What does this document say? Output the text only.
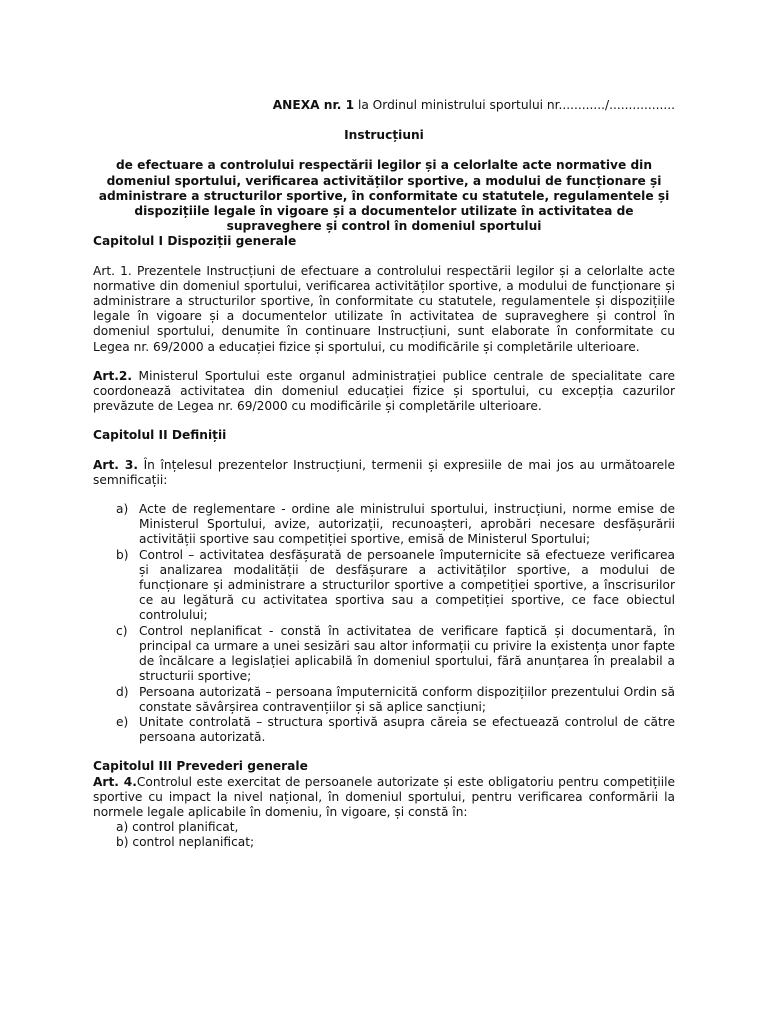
ANEXA nr. 1 la Ordinul ministrului sportului nr............/.................

Instrucțiuni

de efectuare a controlului respectării legilor și a celorlalte acte normative din domeniul sportului, verificarea activităților sportive, a modului de funcționare și administrare a structurilor sportive, în conformitate cu statutele, regulamentele și dispozițiile legale în vigoare și a documentelor utilizate în activitatea de supraveghere și control în domeniul sportului

Capitolul I Dispoziții generale

Art. 1. Prezentele Instrucțiuni de efectuare a controlului respectării legilor și a celorlalte acte normative din domeniul sportului, verificarea activităților sportive, a modului de funcționare și administrare a structurilor sportive, în conformitate cu statutele, regulamentele și dispozițiile legale în vigoare și a documentelor utilizate în activitatea de supraveghere și control în domeniul sportului, denumite în continuare Instrucțiuni, sunt elaborate în conformitate cu Legea nr. 69/2000 a educației fizice și sportului, cu modificările și completările ulterioare.

Art.2. Ministerul Sportului este organul administrației publice centrale de specialitate care coordonează activitatea din domeniul educației fizice și sportului, cu excepția cazurilor prevăzute de Legea nr. 69/2000 cu modificările și completările ulterioare.

Capitolul II Definiții

Art. 3. În înțelesul prezentelor Instrucțiuni, termenii și expresiile de mai jos au următoarele semnificații:

a) Acte de reglementare - ordine ale ministrului sportului, instrucțiuni, norme emise de Ministerul Sportului, avize, autorizații, recunoașteri, aprobări necesare desfășurării activității sportive sau competiției sportive, emisă de Ministerul Sportului;
b) Control – activitatea desfășurată de persoanele împuternicite să efectueze verificarea și analizarea modalității de desfășurare a activităților sportive, a modului de funcționare și administrare a structurilor sportive a competiției sportive, a înscrisurilor ce au legătură cu activitatea sportiva sau a competiției sportive, ce face obiectul controlului;
c) Control neplanificat - constă în activitatea de verificare faptică și documentară, în principal ca urmare a unei sesizări sau altor informații cu privire la existența unor fapte de încălcare a legislației aplicabilă în domeniul sportului, fără anunțarea în prealabil a structurii sportive;
d) Persoana autorizată – persoana împuternicită conform dispozițiilor prezentului Ordin să constate săvârșirea contravențiilor și să aplice sancțiuni;
e) Unitate controlată – structura sportivă asupra căreia se efectuează controlul de către persoana autorizată.

Capitolul III Prevederi generale

Art. 4.Controlul este exercitat de persoanele autorizate și este obligatoriu pentru competițiile sportive cu impact la nivel național, în domeniul sportului, pentru verificarea conformării la normele legale aplicabile în domeniu, în vigoare, și constă în:

a) control planificat,

b) control neplanificat;
